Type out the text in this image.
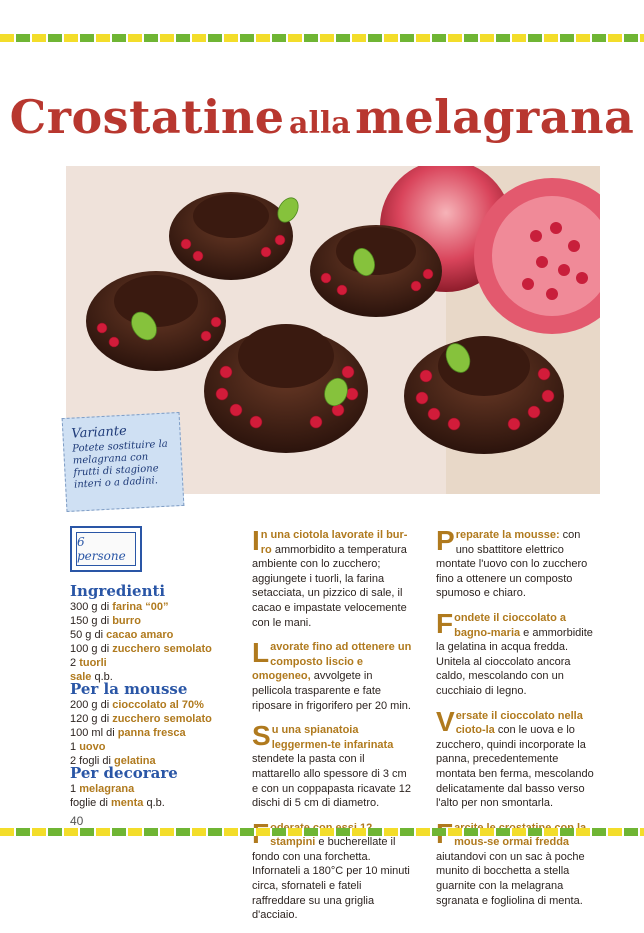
Crostatine alla melagrana
Variante
Potete sostituire la melagrana con frutti di stagione interi o a dadini.
6 persone
Ingredienti
300 g di farina “00”
150 g di burro
50 g di cacao amaro
100 g di zucchero semolato
2 tuorli
sale q.b.
Per la mousse
200 g di cioccolato al 70%
120 g di zucchero semolato
100 ml di panna fresca
1 uovo
2 fogli di gelatina
Per decorare
1 melagrana
foglie di menta q.b.

In una ciotola lavorate il bur-ro ammorbidito a temperatura ambiente con lo zucchero; aggiungete i tuorli, la farina setacciata, un pizzico di sale, il cacao e impastate velocemente con le mani.

Lavorate fino ad ottenere un composto liscio e omogeneo, avvolgete in pellicola trasparente e fate riposare in frigorifero per 20 min.

Su una spianatoia leggermen-te infarinata stendete la pasta con il mattarello allo spessore di 3 cm e con un coppapasta ricavate 12 dischi di 5 cm di diametro.

stampini e bucherellate il fondo con una forchetta. Infornateli a 180°C per 10 minuti circa, sfornateli e fateli raffreddare su una griglia d'acciaio.

Preparate la mousse: con uno sbattitore elettrico montate l'uovo con lo zucchero fino a ottenere un composto spumoso e chiaro.

Fondete il cioccolato a bagno-maria e ammorbidite la gelatina in acqua fredda. Unitela al cioccolato ancora caldo, mescolando con un cucchiaio di legno.

Versate il cioccolato nella cioto-la con le uova e lo zucchero, quindi incorporate la panna, precedentemente montata ben ferma, mescolando delicatamente dal basso verso l'alto per non smontarla.

mous-se ormai fredda aiutandovi con un sac à poche munito di bocchetta a stella guarnite con la melagrana sgranata e fogliolina di menta.

40
